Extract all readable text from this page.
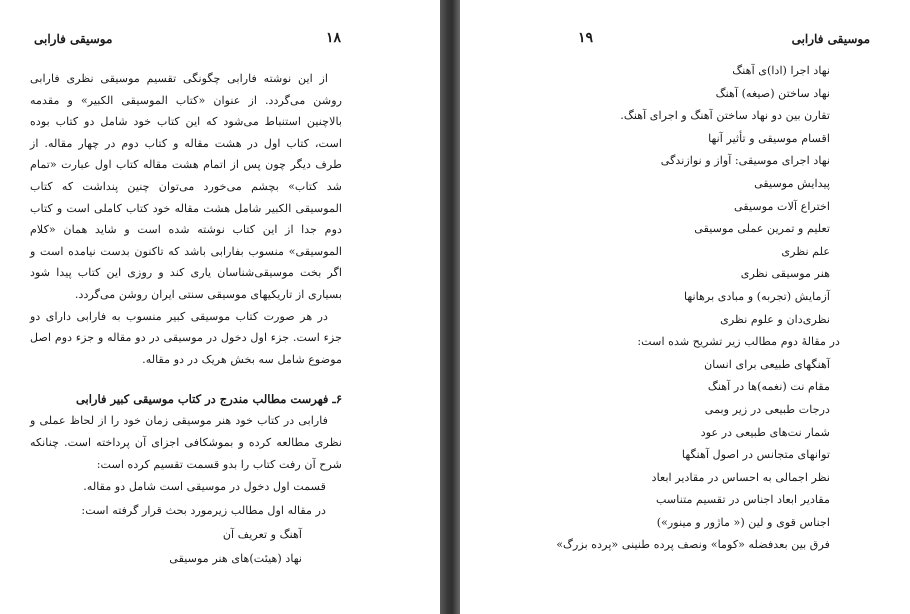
موسیقی فارابی	۱۸

از این نوشته فارابی چگونگی تقسیم موسیقی نظری فارابی روشن می‌گردد. از عنوان «کتاب الموسیقی الکبیر» و مقدمه بالاچنین استنباط می‌شود که این کتاب خود شامل دو کتاب بوده است، کتاب اول در هشت مقاله و کتاب دوم در چهار مقاله. از طرف دیگر چون پس از اتمام هشت مقاله کتاب اول عبارت «تمام شد کتاب» بچشم می‌خورد می‌توان چنین پنداشت که کتاب الموسیقی الکبیر شامل هشت مقاله خود کتاب کاملی است و کتاب دوم جدا از این کتاب نوشته شده است و شاید همان «کلام الموسیقی» منسوب بفارابی باشد که تاکنون بدست نیامده است و اگر بخت موسیقی‌شناسان یاری کند و روزی این کتاب پیدا شود بسیاری از تاریکیهای موسیقی سنتی ایران روشن می‌گردد.

در هر صورت کتاب موسیقی کبیر منسوب به فارابی دارای دو جزء است. جزء اول دخول در موسیقی در دو مقاله و جزء دوم اصل موضوع شامل سه بخش هریک در دو مقاله.

۶ـ فهرست مطالب مندرج در کتاب موسیقی کبیر فارابی

فارابی در کتاب خود هنر موسیقی زمان خود را از لحاظ عملی و نظری مطالعه کرده و بموشکافی اجزای آن پرداخته است. چنانکه شرح آن رفت کتاب را بدو قسمت تقسیم کرده است:

قسمت اول دخول در موسیقی است شامل دو مقاله.

در مقاله اول مطالب زیرمورد بحث قرار گرفته است:

آهنگ و تعریف آن

نهاد (هیئت)های هنر موسیقی

موسیقی فارابی
۱۹
نهاد اجرا (ادا)ی آهنگ
نهاد ساختن (صیغه) آهنگ
تقارن بین دو نهاد ساختن آهنگ و اجرای آهنگ.
اقسام موسیقی و تأثیر آنها
نهاد اجرای موسیقی: آواز و نوازندگی
پیدایش موسیقی
اختراع آلات موسیقی
تعلیم و تمرین عملی موسیقی
علم نظری
هنر موسیقی نظری
آزمایش (تجربه) و مبادی برهانها
نظری‌دان و علوم نظری
در مقالهٔ دوم مطالب زیر تشریح شده است:
آهنگهای طبیعی برای انسان
مقام نت (نغمه)ها در آهنگ
درجات طبیعی در زیر وبمی
شمار نت‌های طبیعی در عود
توانهای متجانس در اصول آهنگها
نظر اجمالی به احساس در مقادیر ابعاد
مقادیر ابعاد اجناس در تقسیم متناسب
اجناس قوی و لین (« ماژور و مینور»)
فرق بین بعدفضله «کوما» ونصف پرده طنینی «پرده بزرگ»
